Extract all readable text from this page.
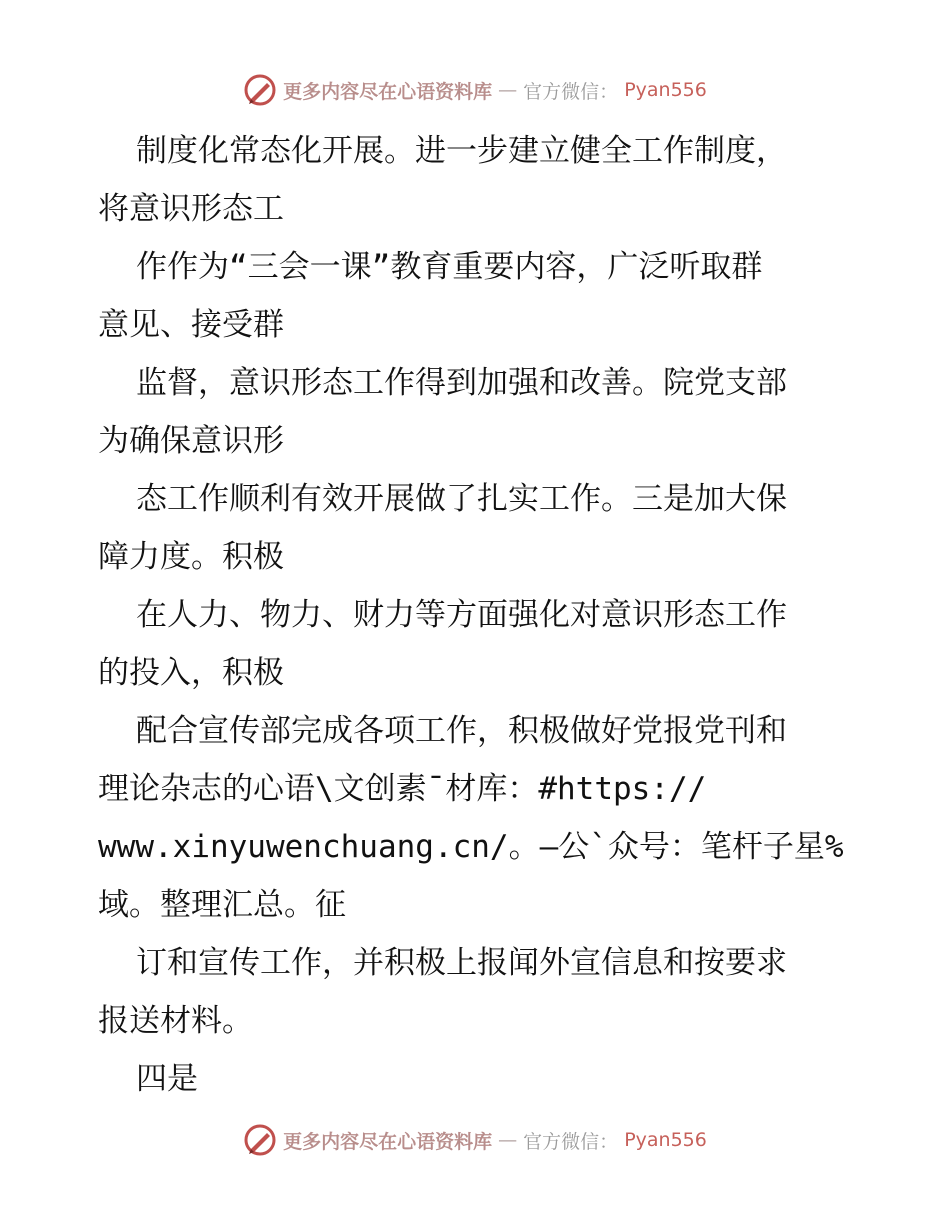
更多内容尽在心语资料库 — 官方微信： Pyan556
制度化常态化开展。进一步建立健全工作制度，
将意识形态工
作作为“三会一课”教育重要内容，广泛听取群
意见、接受群
监督，意识形态工作得到加强和改善。院党支部
为确保意识形
态工作顺利有效开展做了扎实工作。三是加大保
障力度。积极
在人力、物力、财力等方面强化对意识形态工作
的投入，积极
配合宣传部完成各项工作，积极做好党报党刊和
理论杂志的心语\文创素¯材库：#https://
www.xinyuwenchuang.cn/。—公`众号：笔杆子星%
域。整理汇总。征
订和宣传工作，并积极上报闻外宣信息和按要求
报送材料。
四是
更多内容尽在心语资料库 — 官方微信： Pyan556
